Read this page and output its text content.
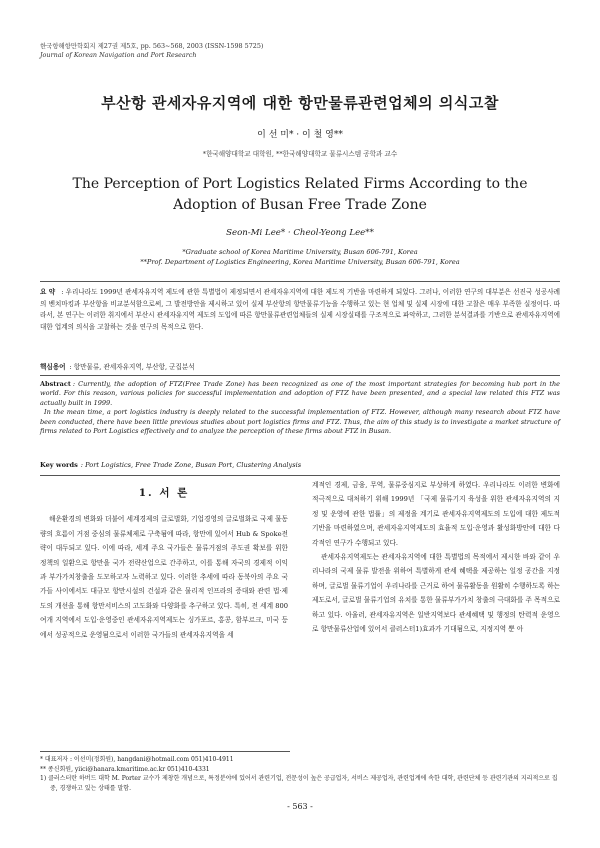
한국항해항만학회지 제27권 제5호, pp. 563~568, 2003 (ISSN-1598 5725)
Journal of Korean Navigation and Port Research
부산항 관세자유지역에 대한 항만물류관련업체의 의식고찰
이 선 미* · 이 철 영**
*한국해양대학교 대학원, **한국해양대학교 물류시스템 공학과 교수
The Perception of Port Logistics Related Firms According to the Adoption of Busan Free Trade Zone
Seon-Mi Lee* · Cheol-Yeong Lee**
*Graduate school of Korea Maritime University, Busan 606-791, Korea
**Prof. Department of Logistics Engineering, Korea Maritime University, Busan 606-791, Korea
요 약 : 우리나라도 1999년 관세자유지역 제도에 관한 특별법이 제정되면서 관세자유지역에 대한 제도적 기반을 마련하게 되었다. 그러나, 이러한 연구의 대부분은 선진국 성공사례의 벤치마킹과 부산항을 비교분석함으로써, 그 발전방안을 제시하고 있어 실제 부산항의 항만물류기능을 수행하고 있는 현 업체 및 실제 시장에 대한 고찰은 매우 부족한 실정이다. 따라서, 본 연구는 이러한 취지에서 부산시 관세자유지역 제도의 도입에 따른 항만물류관련업체들의 실제 시장실태를 구조적으로 파악하고, 그러한 분석결과를 기반으로 관세자유지역에 대한 업계의 의식을 고찰하는 것을 연구의 목적으로 한다.
핵심용어 : 항만물류, 관세자유지역, 부산항, 군집분석

Abstract : Currently, the adoption of FTZ(Free Trade Zone) has been recognized as one of the most important strategies for becoming hub port in the world. For this reason, various policies for successful implementation and adoption of FTZ have been presented, and a special law related this FTZ was actually built in 1999.

In the mean time, a port logistics industry is deeply related to the successful implementation of FTZ. However, although many research about FTZ have been conducted, there have been little previous studies about port logistics firms and FTZ. Thus, the aim of this study is to investigate a market structure of firms related to Port Logistics effectively and to analyze the perception of these firms about FTZ in Busan.

Key words : Port Logistics, Free Trade Zone, Busan Port, Clustering Analysis
1. 서 론

해운환경의 변화와 더불어 세계경제의 글로벌화, 기업경영의 글로벌화로 국제 물동량의 흐름이 거점 중심의 물류체제로 구축됨에 따라, 항만에 있어서 Hub & Spoke전략이 대두되고 있다. 이에 따라, 세계 주요 국가들은 물류거점의 주도권 확보를 위한 정책의 일환으로 항만을 국가 전략산업으로 간주하고, 이를 통해 자국의 경제적 이익과 부가가치창출을 도모하고자 노력하고 있다. 이러한 추세에 따라 동북아의 주요 국가들 사이에서도 대규모 항만시설의 건설과 같은 물리적 인프라의 증대와 관련 법·제도의 개선을 통해 항만서비스의 고도화와 다양화를 추구하고 있다. 특히, 전 세계 800여개 지역에서 도입·운영중인 관세자유지역제도는 싱가포르, 홍콩, 함부르크, 미국 등에서 성공적으로 운영됨으로서 이러한 국가들의 관세자유지역을 세

계적인 경제, 금융, 무역, 물류중심지로 부상하게 하였다. 우리나라도 이러한 변화에 적극적으로 대처하기 위해 1999년 「국제 물류기지 육성을 위한 관세자유지역의 지정 및 운영에 관한 법률」의 제정을 계기로 관세자유지역제도의 도입에 대한 제도적 기반을 마련하였으며, 관세자유지역제도의 효율적 도입·운영과 활성화방안에 대한 다각적인 연구가 수행되고 있다.

관세자유지역제도는 관세자유지역에 대한 특별법의 목적에서 제시한 바와 같이 우리나라의 국제 물류 발전을 위하여 특별하게 관세 혜택을 제공하는 일정 공간을 지정하며, 글로벌 물류기업이 우리나라를 근거로 하여 물류활동을 원활히 수행하도록 하는 제도로서, 글로벌 물류기업의 유치를 통한 물류부가가치 창출의 극대화를 주 목적으로 하고 있다. 아울러, 관세자유지역은 일반지역보다 관세혜택 및 행정의 탄력적 운영으로 항만물류산업에 있어서 클러스터1)효과가 기대됨으로, 지정지역 뿐 아

* 대표저자 : 이선미(정회원), hangdani@hotmail.com 051)410-4911
** 종신회원, yiici@hanara.kmaritime.ac.kr 051)410-4331
1) 클러스터란 하버드 대학 M. Porter 교수가 제창한 개념으로, 특정분야에 있어서 관련기업, 전문성이 높은 공급업자, 서비스 제공업자, 관련업계에 속한 대학, 관련단체 등 관련기관의 지리적으로 집중, 경쟁하고 있는 상태를 말함.
- 563 -
